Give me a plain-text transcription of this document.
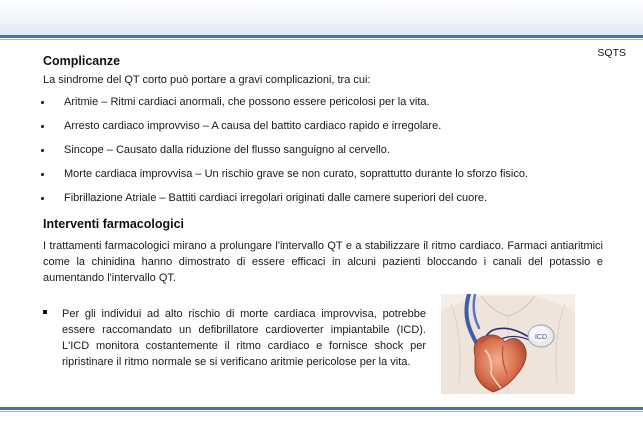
SQTS
Complicanze

La sindrome del QT corto può portare a gravi complicazioni, tra cui:

Aritmie – Ritmi cardiaci anormali, che possono essere pericolosi per la vita.
Arresto cardiaco improvviso – A causa del battito cardiaco rapido e irregolare.
Sincope – Causato dalla riduzione del flusso sanguigno al cervello.
Morte cardiaca improvvisa – Un rischio grave se non curato, soprattutto durante lo sforzo fisico.
Fibrillazione Atriale – Battiti cardiaci irregolari originati dalle camere superiori del cuore.
Interventi farmacologici

I trattamenti farmacologici mirano a prolungare l'intervallo QT e a stabilizzare il ritmo cardiaco. Farmaci antiaritmici come la chinidina hanno dimostrato di essere efficaci in alcuni pazienti bloccando i canali del potassio e aumentando l'intervallo QT.

Per gli individui ad alto rischio di morte cardiaca improvvisa, potrebbe essere raccomandato un defibrillatore cardioverter impiantabile (ICD). L'ICD monitora costantemente il ritmo cardiaco e fornisce shock per ripristinare il ritmo normale se si verificano aritmie pericolose per la vita.

ICD
